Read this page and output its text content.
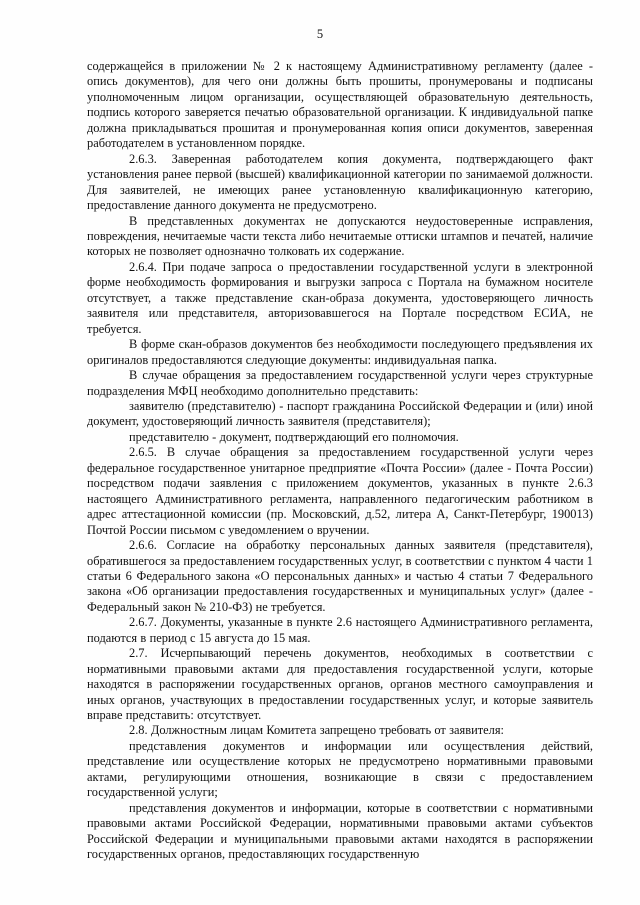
5

содержащейся в приложении № 2 к настоящему Административному регламенту (далее - опись документов), для чего они должны быть прошиты, пронумерованы и подписаны уполномоченным лицом организации, осуществляющей образовательную деятельность, подпись которого заверяется печатью образовательной организации. К индивидуальной папке должна прикладываться прошитая и пронумерованная копия описи документов, заверенная работодателем в установленном порядке.

2.6.3. Заверенная работодателем копия документа, подтверждающего факт установления ранее первой (высшей) квалификационной категории по занимаемой должности. Для заявителей, не имеющих ранее установленную квалификационную категорию, предоставление данного документа не предусмотрено.

В представленных документах не допускаются неудостоверенные исправления, повреждения, нечитаемые части текста либо нечитаемые оттиски штампов и печатей, наличие которых не позволяет однозначно толковать их содержание.

2.6.4. При подаче запроса о предоставлении государственной услуги в электронной форме необходимость формирования и выгрузки запроса с Портала на бумажном носителе отсутствует, а также представление скан-образа документа, удостоверяющего личность заявителя или представителя, авторизовавшегося на Портале посредством ЕСИА, не требуется.

В форме скан-образов документов без необходимости последующего предъявления их оригиналов предоставляются следующие документы: индивидуальная папка.

В случае обращения за предоставлением государственной услуги через структурные подразделения МФЦ необходимо дополнительно представить:

заявителю (представителю) - паспорт гражданина Российской Федерации и (или) иной документ, удостоверяющий личность заявителя (представителя);

представителю - документ, подтверждающий его полномочия.

2.6.5. В случае обращения за предоставлением государственной услуги через федеральное государственное унитарное предприятие «Почта России» (далее - Почта России) посредством подачи заявления с приложением документов, указанных в пункте 2.6.3 настоящего Административного регламента, направленного педагогическим работником в адрес аттестационной комиссии (пр. Московский, д.52, литера А, Санкт-Петербург, 190013) Почтой России письмом с уведомлением о вручении.

2.6.6. Согласие на обработку персональных данных заявителя (представителя), обратившегося за предоставлением государственных услуг, в соответствии с пунктом 4 части 1 статьи 6 Федерального закона «О персональных данных» и частью 4 статьи 7 Федерального закона «Об организации предоставления государственных и муниципальных услуг» (далее - Федеральный закон № 210-ФЗ) не требуется.

2.6.7. Документы, указанные в пункте 2.6 настоящего Административного регламента, подаются в период с 15 августа до 15 мая.

2.7. Исчерпывающий перечень документов, необходимых в соответствии с нормативными правовыми актами для предоставления государственной услуги, которые находятся в распоряжении государственных органов, органов местного самоуправления и иных органов, участвующих в предоставлении государственных услуг, и которые заявитель вправе представить: отсутствует.

2.8. Должностным лицам Комитета запрещено требовать от заявителя:

представления документов и информации или осуществления действий, представление или осуществление которых не предусмотрено нормативными правовыми актами, регулирующими отношения, возникающие в связи с предоставлением государственной услуги;

представления документов и информации, которые в соответствии с нормативными правовыми актами Российской Федерации, нормативными правовыми актами субъектов Российской Федерации и муниципальными правовыми актами находятся в распоряжении государственных органов, предоставляющих государственную
